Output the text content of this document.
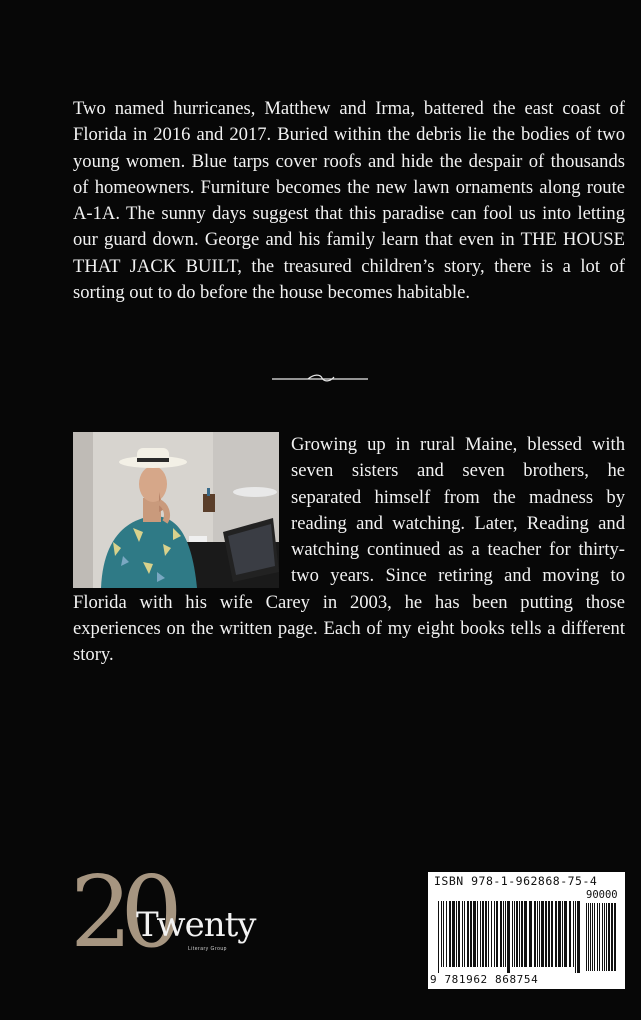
Two named hurricanes, Matthew and Irma, battered the east coast of Florida in 2016 and 2017. Buried within the debris lie the bodies of two young women. Blue tarps cover roofs and hide the despair of thousands of homeowners. Furniture becomes the new lawn ornaments along route A-1A. The sunny days suggest that this paradise can fool us into letting our guard down. George and his family learn that even in THE HOUSE THAT JACK BUILT, the treasured children’s story, there is a lot of sorting out to do before the house becomes habitable.

Growing up in rural Maine, blessed with seven sisters and seven brothers, he separated himself from the madness by reading and watching. Later, Reading and watching continued as a teacher for thirty-two years. Since retiring and moving to Florida with his wife Carey in 2003, he has been putting those experiences on the written page. Each of my eight books tells a different story.

20
Twenty
Literary Group
ISBN 978-1-962868-75-4
90000
9 781962 868754
